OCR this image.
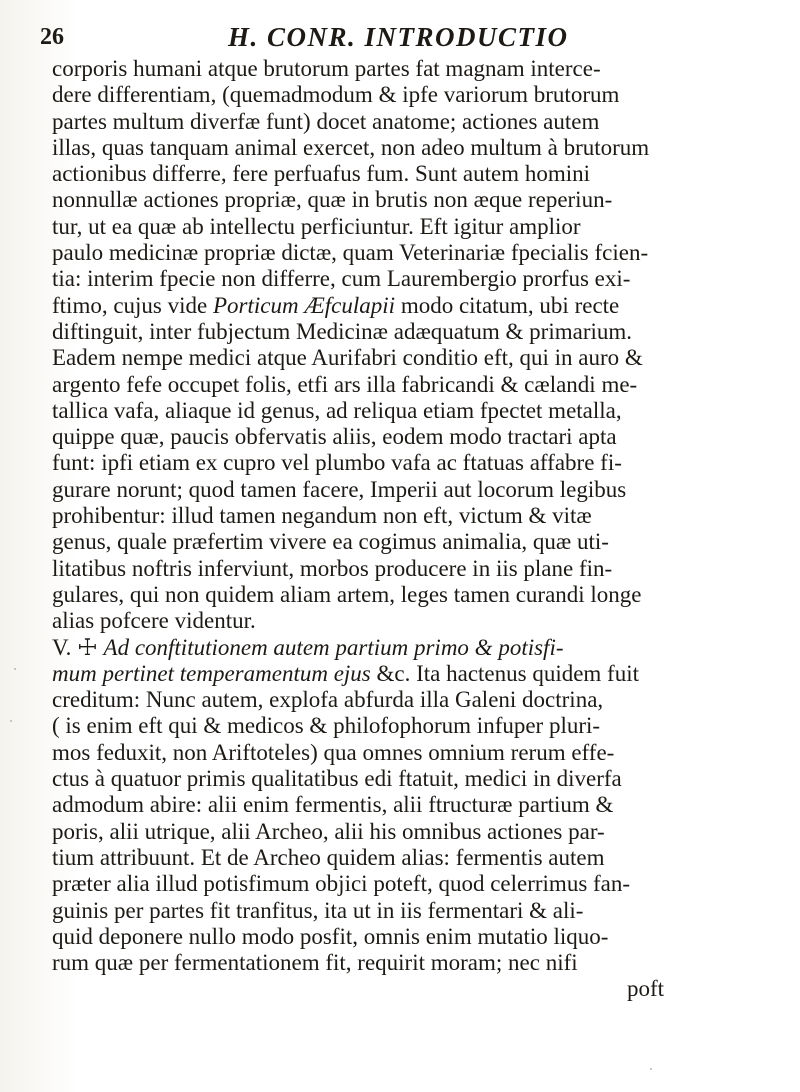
26	H. CONR. INTRODUCTIO
corporis humani atque brutorum partes fat magnam interce-
dere differentiam, (quemadmodum & ipfe variorum brutorum
partes multum diverfæ funt) docet anatome; actiones autem
illas, quas tanquam animal exercet, non adeo multum à brutorum
actionibus differre, fere perfuafus fum. Sunt autem homini
nonnullæ actiones propriæ, quæ in brutis non æque reperiun-
tur, ut ea quæ ab intellectu perficiuntur. Eft igitur amplior
paulo medicinæ propriæ dictæ, quam Veterinariæ fpecialis fcien-
tia: interim fpecie non differre, cum Laurembergio prorfus exi-
ftimo, cujus vide Porticum Æfculapii modo citatum, ubi recte
diftinguit, inter fubjectum Medicinæ adæquatum & primarium.
Eadem nempe medici atque Aurifabri conditio eft, qui in auro &
argento fefe occupet folis, etfi ars illa fabricandi & cælandi me-
tallica vafa, aliaque id genus, ad reliqua etiam fpectet metalla,
quippe quæ, paucis obfervatis aliis, eodem modo tractari apta
funt: ipfi etiam ex cupro vel plumbo vafa ac ftatuas affabre fi-
gurare norunt; quod tamen facere, Imperii aut locorum legibus
prohibentur: illud tamen negandum non eft, victum & vitæ
genus, quale præfertim vivere ea cogimus animalia, quæ uti-
litatibus noftris inferviunt, morbos producere in iis plane fin-
gulares, qui non quidem aliam artem, leges tamen curandi longe
alias pofcere videntur.
V. ☩ Ad conftitutionem autem partium primo & potisfi-
mum pertinet temperamentum ejus &c. Ita hactenus quidem fuit
creditum: Nunc autem, explofa abfurda illa Galeni doctrina,
( is enim eft qui & medicos & philofophorum infuper pluri-
mos feduxit, non Ariftoteles) qua omnes omnium rerum effe-
ctus à quatuor primis qualitatibus edi ftatuit, medici in diverfa
admodum abire: alii enim fermentis, alii ftructuræ partium &
poris, alii utrique, alii Archeo, alii his omnibus actiones par-
tium attribuunt. Et de Archeo quidem alias: fermentis autem
præter alia illud potisfimum objici poteft, quod celerrimus fan-
guinis per partes fit tranfitus, ita ut in iis fermentari & ali-
quid deponere nullo modo posfit, omnis enim mutatio liquo-
rum quæ per fermentationem fit, requirit moram; nec nifi
poft
